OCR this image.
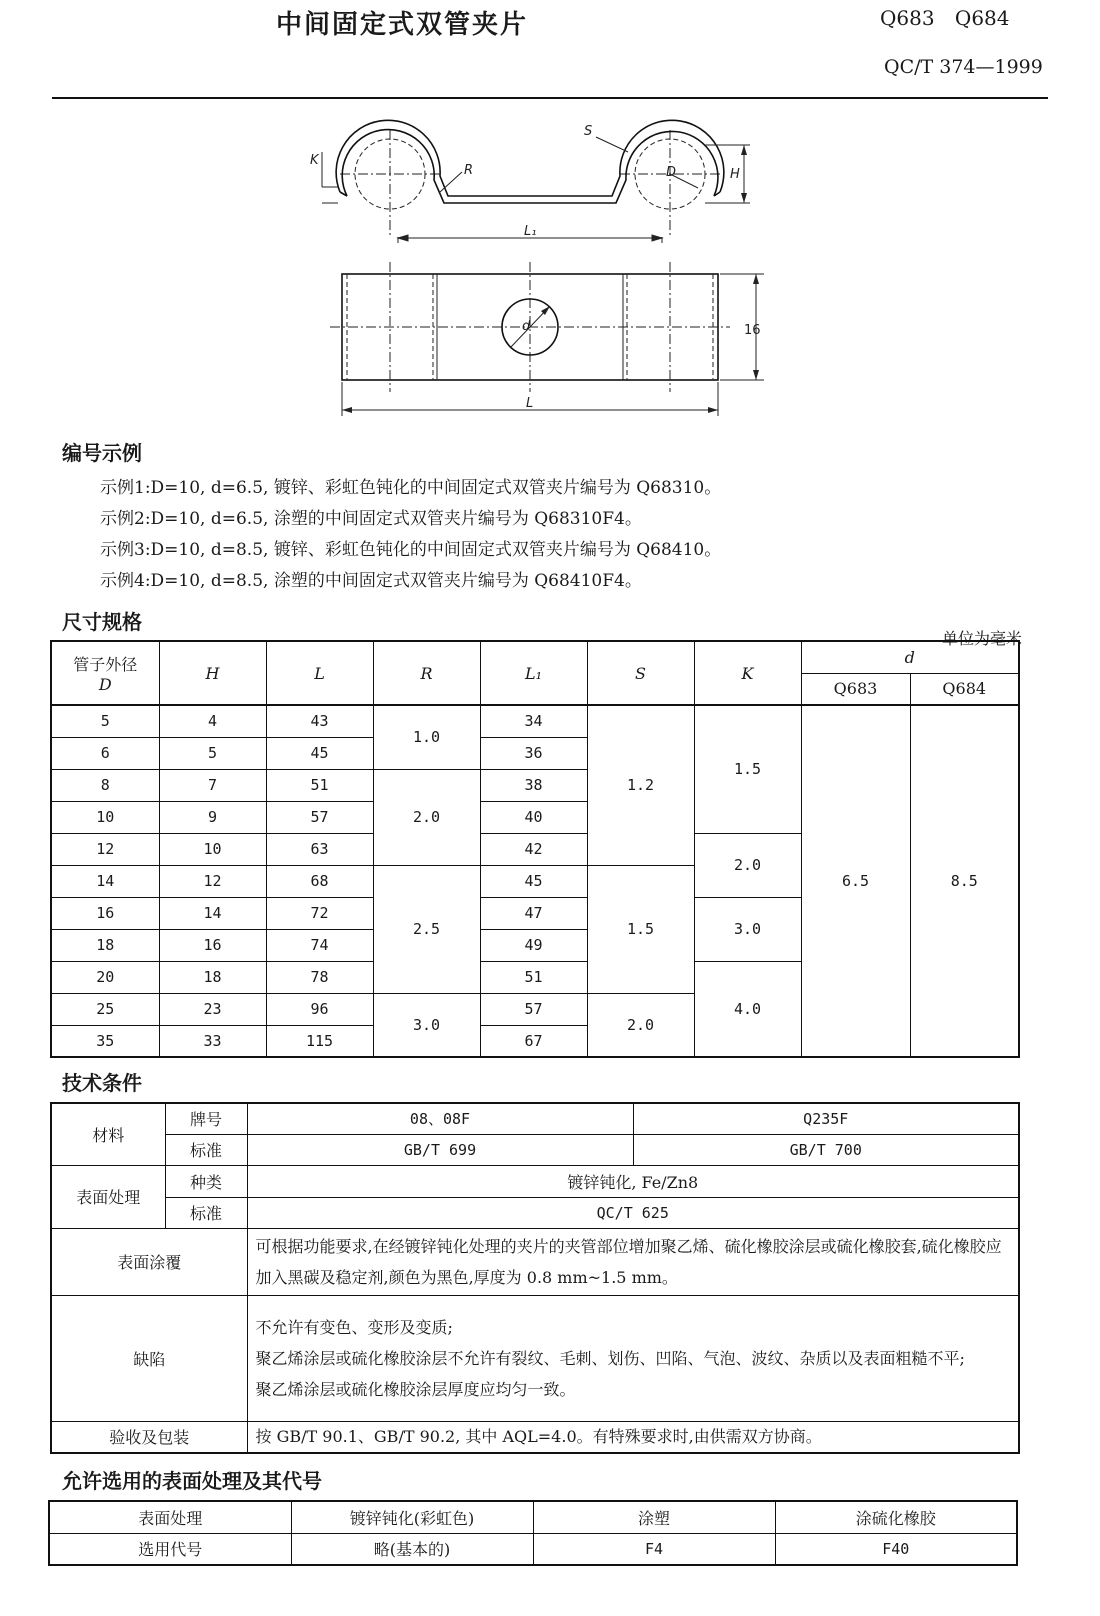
中间固定式双管夹片	Q683 Q684
QC/T 374—1999
S
K
R	D	H
L₁
d	16
L
编号示例
示例1:D=10, d=6.5, 镀锌、彩虹色钝化的中间固定式双管夹片编号为 Q68310。
示例2:D=10, d=6.5, 涂塑的中间固定式双管夹片编号为 Q68310F4。
示例3:D=10, d=8.5, 镀锌、彩虹色钝化的中间固定式双管夹片编号为 Q68410。
示例4:D=10, d=8.5, 涂塑的中间固定式双管夹片编号为 Q68410F4。
尺寸规格
单位为毫米
管子外径
D	H	L	R	L₁	S	K	d	
							Q683	Q684
5	4	43	1.0	34	1.2	1.5	6.5	8.5
6	5	45		36				
8	7	51	2.0	38				
10	9	57		40				
12	10	63		42		2.0		
14	12	68	2.5	45	1.5			
16	14	72		47		3.0		
18	16	74		49				
20	18	78		51		4.0		
25	23	96	3.0	57	2.0			
35	33	115		67				
技术条件
材料	牌号	08、08F	Q235F
	标准	GB/T 699	GB/T 700
表面处理	种类	镀锌钝化, Fe/Zn8	
	标准	QC/T 625	
表面涂覆		可根据功能要求,在经镀锌钝化处理的夹片的夹管部位增加聚乙烯、硫化橡胶涂层或硫化橡胶套,硫化橡胶应加入黑碳及稳定剂,颜色为黑色,厚度为 0.8 mm~1.5 mm。	
缺陷		不允许有变色、变形及变质;
聚乙烯涂层或硫化橡胶涂层不允许有裂纹、毛刺、划伤、凹陷、气泡、波纹、杂质以及表面粗糙不平;
聚乙烯涂层或硫化橡胶涂层厚度应均匀一致。	

验收及包装		按 GB/T 90.1、GB/T 90.2, 其中 AQL=4.0。有特殊要求时,由供需双方协商。	
允许选用的表面处理及其代号
表面处理	镀锌钝化(彩虹色)	涂塑	涂硫化橡胶
选用代号	略(基本的)	F4	F40
